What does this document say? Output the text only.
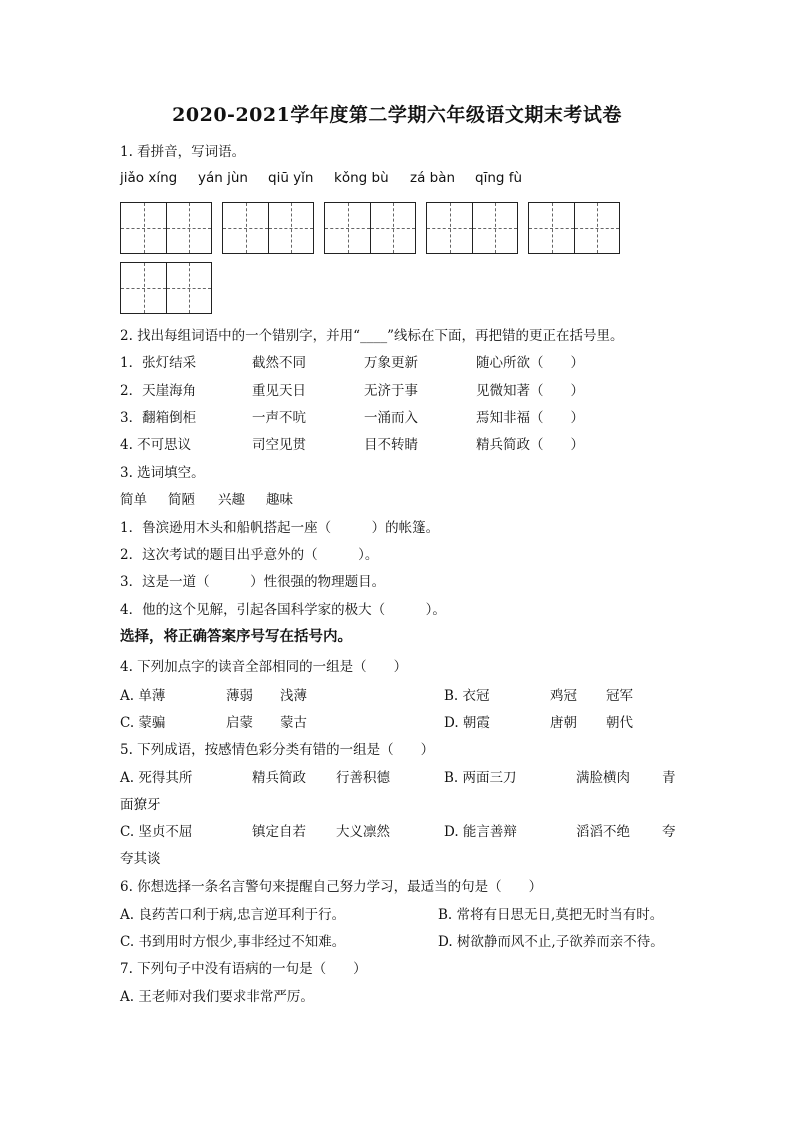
2020-2021学年度第二学期六年级语文期末考试卷
1. 看拼音，写词语。
jiǎo xíng yán jùn qiū yǐn kǒng bù zá bàn qīng fù
2. 找出每组词语中的一个错别字，并用“____”线标在下面，再把错的更正在括号里。
1．张灯结采	截然不同	万象更新	随心所欲（　　）
2．天崖海角	重见天日	无济于事	见微知著（　　）
3．翻箱倒柜	一声不吭	一涌而入	焉知非福（　　）
4. 不可思议	司空见贯	目不转睛	精兵简政（　　）
3. 选词填空。
简单 简陋 兴趣 趣味
1．鲁滨逊用木头和船帆搭起一座（　　　）的帐篷。
2．这次考试的题目出乎意外的（　　　）。
3．这是一道（　　　）性很强的物理题目。
4．他的这个见解，引起各国科学家的极大（　　　）。
选择，将正确答案序号写在括号内。
4. 下列加点字的读音全部相同的一组是（　　）
A. 单薄	薄弱 浅薄	B. 衣冠	鸡冠 冠军
C. 蒙骗	启蒙 蒙古	D. 朝霞	唐朝 朝代
5. 下列成语，按感情色彩分类有错的一组是（　　）
A. 死得其所	精兵简政 行善积德	B. 两面三刀	满脸横肉 青
面獠牙
C. 坚贞不屈	镇定自若 大义凛然	D. 能言善辩	滔滔不绝 夸
夸其谈
6. 你想选择一条名言警句来提醒自己努力学习，最适当的句是（　　）
A. 良药苦口利于病,忠言逆耳利于行。	B. 常将有日思无日,莫把无时当有时。
C. 书到用时方恨少,事非经过不知难。	D. 树欲静而风不止,子欲养而亲不待。
7. 下列句子中没有语病的一句是（　　）
A. 王老师对我们要求非常严厉。
